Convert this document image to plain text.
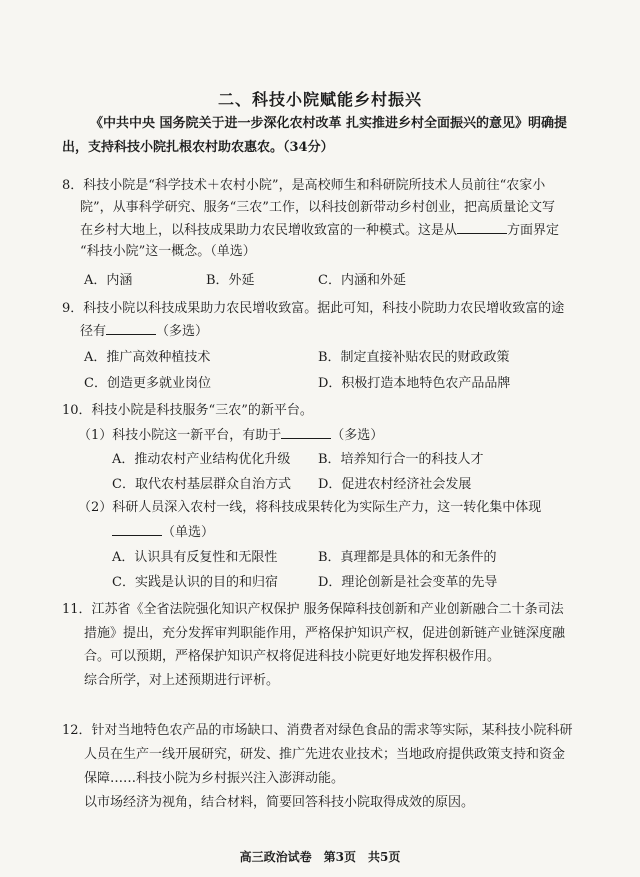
二、科技小院赋能乡村振兴
《中共中央 国务院关于进一步深化农村改革 扎实推进乡村全面振兴的意见》明确提
出，支持科技小院扎根农村助农惠农。（34分）
8．科技小院是“科学技术＋农村小院”，是高校师生和科研院所技术人员前往“农家小
院”，从事科学研究、服务“三农”工作，以科技创新带动乡村创业，把高质量论文写
在乡村大地上，以科技成果助力农民增收致富的一种模式。这是从	方面界定
“科技小院”这一概念。（单选）
A．内涵	B．外延	C．内涵和外延
9．科技小院以科技成果助力农民增收致富。据此可知，科技小院助力农民增收致富的途
径有	（多选）
A．推广高效种植技术	B．制定直接补贴农民的财政政策
C．创造更多就业岗位	D．积极打造本地特色农产品品牌
10．科技小院是科技服务“三农”的新平台。
（1）科技小院这一新平台，有助于	（多选）
A．推动农村产业结构优化升级 B．培养知行合一的科技人才
C．取代农村基层群众自治方式 D．促进农村经济社会发展
（2）科研人员深入农村一线，将科技成果转化为实际生产力，这一转化集中体现
（单选）
A．认识具有反复性和无限性	B．真理都是具体的和无条件的
C．实践是认识的目的和归宿	D．理论创新是社会变革的先导
11．江苏省《全省法院强化知识产权保护 服务保障科技创新和产业创新融合二十条司法
措施》提出，充分发挥审判职能作用，严格保护知识产权，促进创新链产业链深度融
合。可以预期，严格保护知识产权将促进科技小院更好地发挥积极作用。
综合所学，对上述预期进行评析。
12．针对当地特色农产品的市场缺口、消费者对绿色食品的需求等实际，某科技小院科研
人员在生产一线开展研究，研发、推广先进农业技术；当地政府提供政策支持和资金
保障……科技小院为乡村振兴注入澎湃动能。
以市场经济为视角，结合材料，简要回答科技小院取得成效的原因。
高三政治试卷　第3页　共5页
